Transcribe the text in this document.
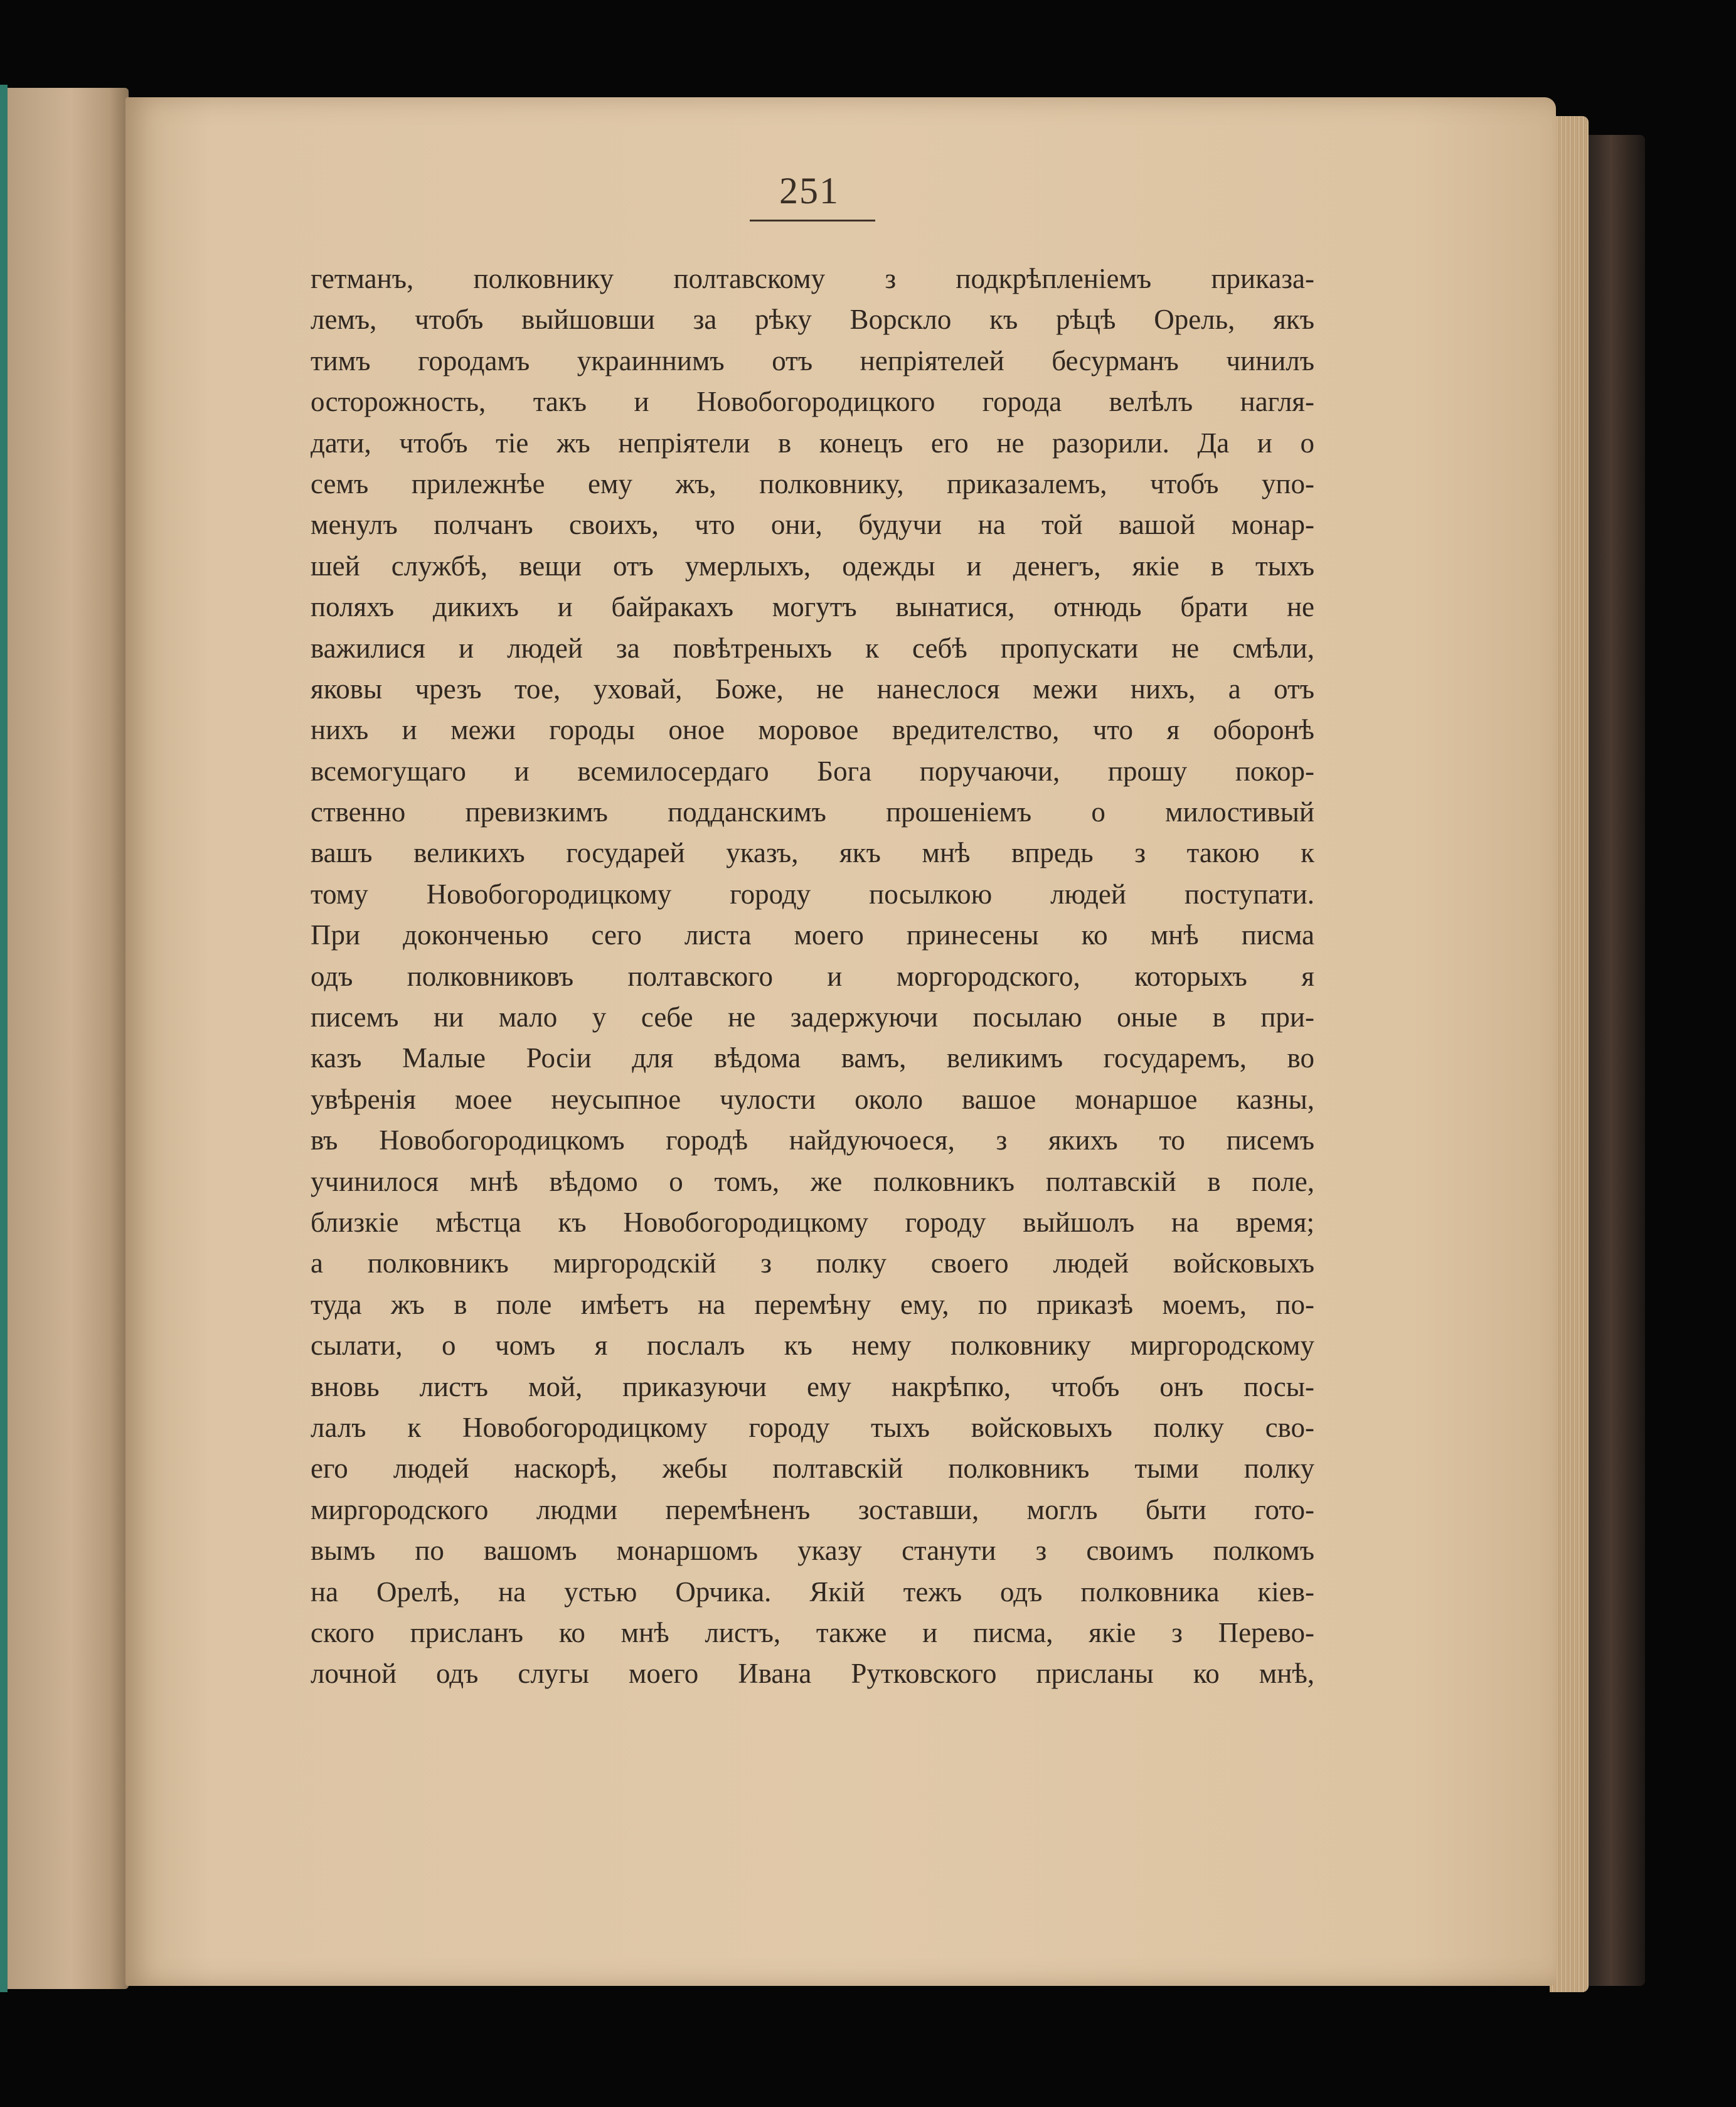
251
гетманъ, полковнику полтавскому з подкрѣпленіемъ приказа-
лемъ, чтобъ выйшовши за рѣку Ворскло къ рѣцѣ Орель, якъ
тимъ городамъ украиннимъ отъ непріятелей бесурманъ чинилъ
осторожность, такъ и Новобогородицкого города велѣлъ нагля-
дати, чтобъ тіе жъ непріятели в конецъ его не разорили. Да и о
семъ прилежнѣе ему жъ, полковнику, приказалемъ, чтобъ упо-
менулъ полчанъ своихъ, что они, будучи на той вашой монар-
шей службѣ, вещи отъ умерлыхъ, одежды и денегъ, якіе в тыхъ
поляхъ дикихъ и байракахъ могутъ вынатися, отнюдь брати не
важилися и людей за повѣтреныхъ к себѣ пропускати не смѣли,
яковы чрезъ тое, уховай, Боже, не нанеслося межи нихъ, а отъ
нихъ и межи городы оное моровое вредителство, что я оборонѣ
всемогущаго и всемилосердаго Бога поручаючи, прошу покор-
ственно превизкимъ подданскимъ прошеніемъ о милостивый
вашъ великихъ государей указъ, якъ мнѣ впредь з такою к
тому Новобогородицкому городу посылкою людей поступати.
При доконченью сего листа моего принесены ко мнѣ писма
одъ полковниковъ полтавского и моргородского, которыхъ я
писемъ ни мало у себе не задержуючи посылаю оные в при-
казъ Малые Росіи для вѣдома вамъ, великимъ государемъ, во
увѣренія моее неусыпное чулости около вашое монаршое казны,
въ Новобогородицкомъ городѣ найдуючоеся, з якихъ то писемъ
учинилося мнѣ вѣдомо о томъ, же полковникъ полтавскій в поле,
близкіе мѣстца къ Новобогородицкому городу выйшолъ на время;
а полковникъ миргородскій з полку своего людей войсковыхъ
туда жъ в поле имѣетъ на перемѣну ему, по приказѣ моемъ, по-
сылати, о чомъ я послалъ къ нему полковнику миргородскому
вновь листъ мой, приказуючи ему накрѣпко, чтобъ онъ посы-
лалъ к Новобогородицкому городу тыхъ войсковыхъ полку сво-
его людей наскорѣ, жебы полтавскій полковникъ тыми полку
миргородского людми перемѣненъ зоставши, моглъ быти гото-
вымъ по вашомъ монаршомъ указу станути з своимъ полкомъ
на Орелѣ, на устью Орчика. Якій тежъ одъ полковника кіев-
ского присланъ ко мнѣ листъ, также и писма, якіе з Перево-
лочной одъ слугы моего Ивана Рутковского присланы ко мнѣ,
